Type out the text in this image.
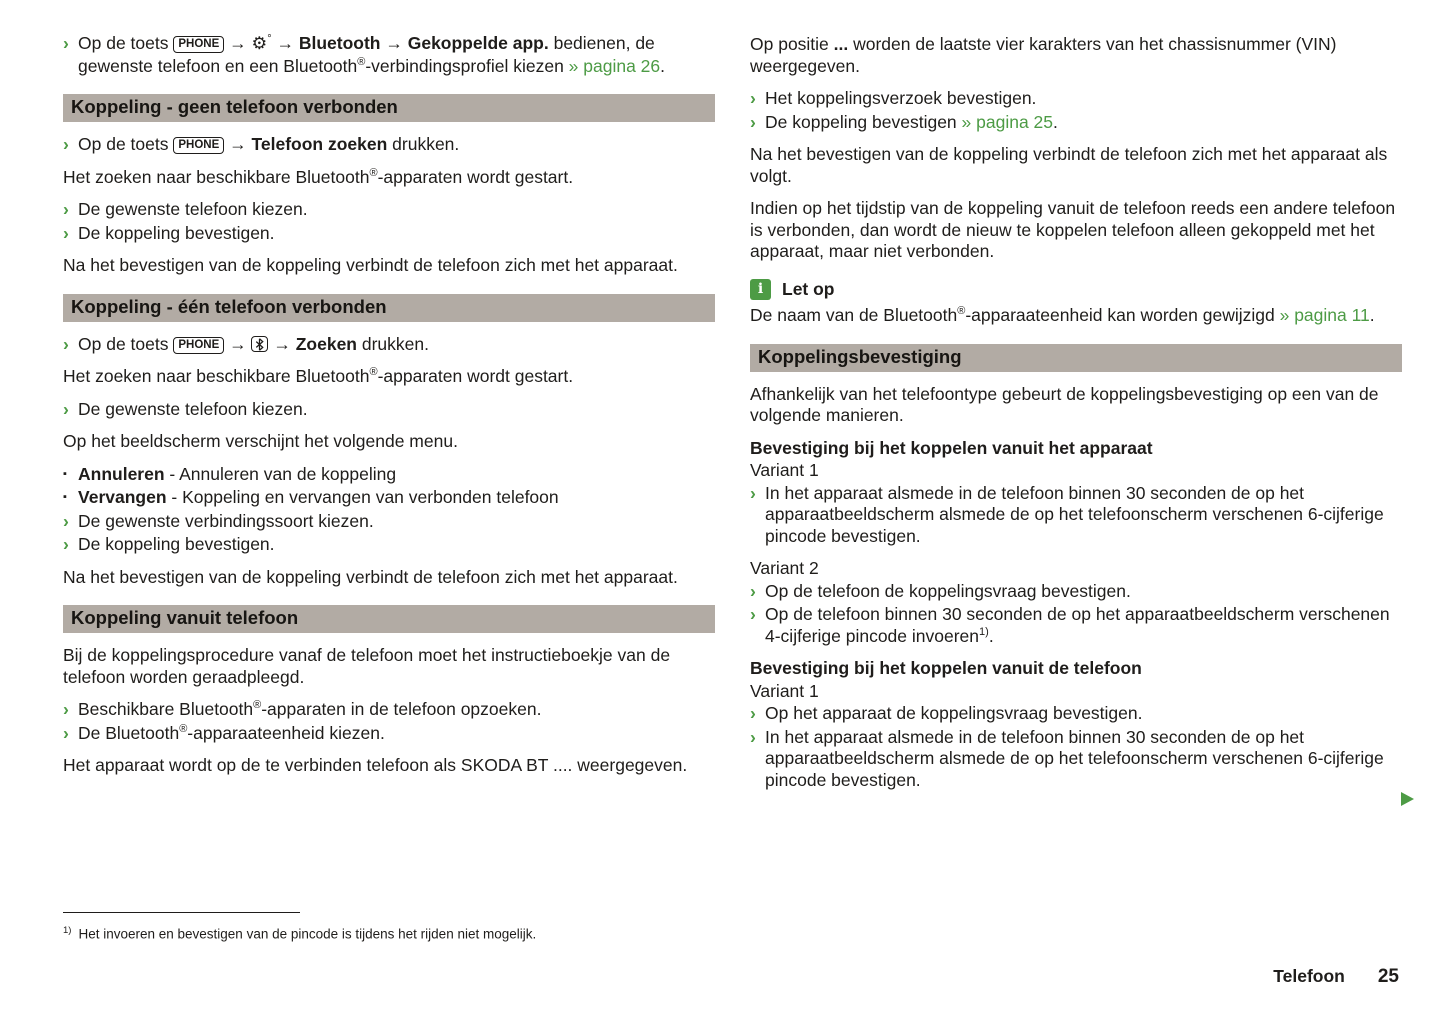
› Op de toets PHONE → ⚙° → Bluetooth → Gekoppelde app. bedienen, de gewenste telefoon en een Bluetooth®-verbindingsprofiel kiezen » pagina 26.
Koppeling - geen telefoon verbonden
› Op de toets PHONE → Telefoon zoeken drukken.
Het zoeken naar beschikbare Bluetooth®-apparaten wordt gestart.
› De gewenste telefoon kiezen.
› De koppeling bevestigen.
Na het bevestigen van de koppeling verbindt de telefoon zich met het apparaat.
Koppeling - één telefoon verbonden
› Op de toets PHONE →
→ Zoeken drukken.
Het zoeken naar beschikbare Bluetooth®-apparaten wordt gestart.
› De gewenste telefoon kiezen.
Op het beeldscherm verschijnt het volgende menu.
▪ Annuleren - Annuleren van de koppeling
▪ Vervangen - Koppeling en vervangen van verbonden telefoon
› De gewenste verbindingssoort kiezen.
› De koppeling bevestigen.
Na het bevestigen van de koppeling verbindt de telefoon zich met het apparaat.
Koppeling vanuit telefoon
Bij de koppelingsprocedure vanaf de telefoon moet het instructieboekje van de telefoon worden geraadpleegd.
› Beschikbare Bluetooth®-apparaten in de telefoon opzoeken.
› De Bluetooth®-apparaateenheid kiezen.
Het apparaat wordt op de te verbinden telefoon als SKODA BT .... weergegeven.
Op positie ... worden de laatste vier karakters van het chassisnummer (VIN) weergegeven.
› Het koppelingsverzoek bevestigen.
› De koppeling bevestigen » pagina 25.
Na het bevestigen van de koppeling verbindt de telefoon zich met het apparaat als volgt.
Indien op het tijdstip van de koppeling vanuit de telefoon reeds een andere telefoon is verbonden, dan wordt de nieuw te koppelen telefoon alleen gekoppeld met het apparaat, maar niet verbonden.
i	Let op
De naam van de Bluetooth®-apparaateenheid kan worden gewijzigd » pagina 11.
Koppelingsbevestiging
Afhankelijk van het telefoontype gebeurt de koppelingsbevestiging op een van de volgende manieren.
Bevestiging bij het koppelen vanuit het apparaat
Variant 1
› In het apparaat alsmede in de telefoon binnen 30 seconden de op het apparaatbeeldscherm alsmede de op het telefoonscherm verschenen 6-cijferige pincode bevestigen.
Variant 2
› Op de telefoon de koppelingsvraag bevestigen.
› Op de telefoon binnen 30 seconden de op het apparaatbeeldscherm verschenen 4-cijferige pincode invoeren$^{1)}$.
Bevestiging bij het koppelen vanuit de telefoon
Variant 1
› Op het apparaat de koppelingsvraag bevestigen.
› In het apparaat alsmede in de telefoon binnen 30 seconden de op het apparaatbeeldscherm alsmede de op het telefoonscherm verschenen 6-cijferige pincode bevestigen.
$^{1)}$ Het invoeren en bevestigen van de pincode is tijdens het rijden niet mogelijk.
Telefoon 25
